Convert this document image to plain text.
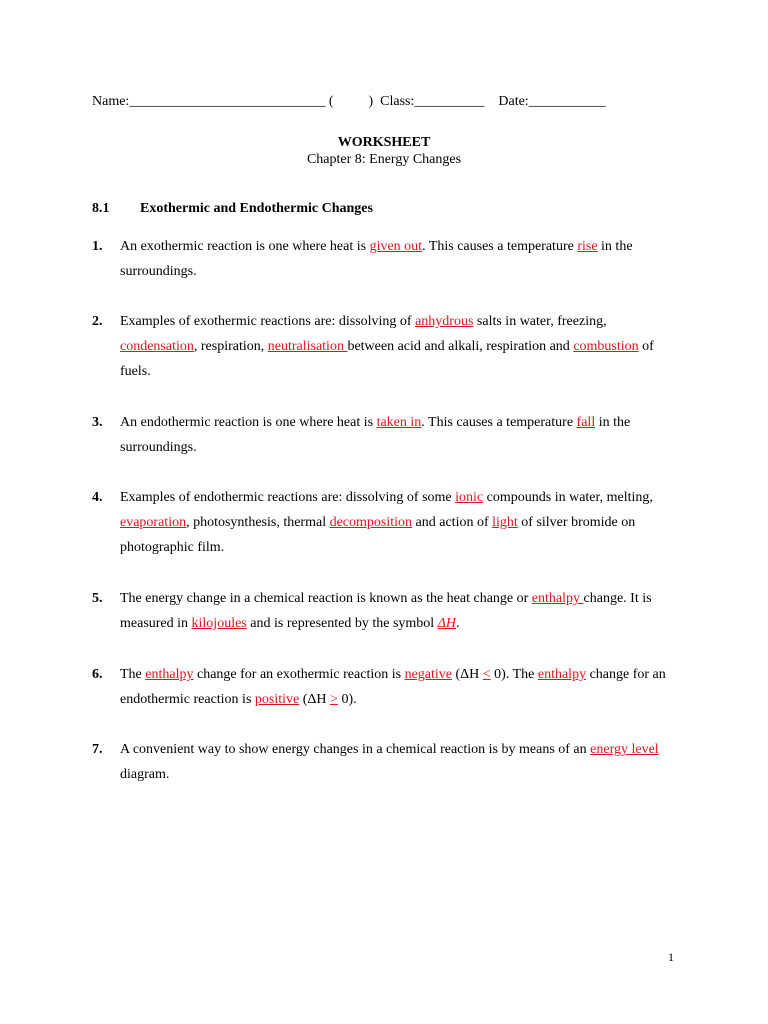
Name:____________________________ (          )  Class:__________    Date:___________
WORKSHEET
Chapter 8: Energy Changes
8.1 Exothermic and Endothermic Changes
1.	An exothermic reaction is one where heat is given out. This causes a temperature rise in the surroundings.
2.	Examples of exothermic reactions are: dissolving of anhydrous salts in water, freezing, condensation, respiration, neutralisation between acid and alkali, respiration and combustion of fuels.
3.	An endothermic reaction is one where heat is taken in. This causes a temperature fall in the surroundings.
4.	Examples of endothermic reactions are: dissolving of some ionic compounds in water, melting, evaporation, photosynthesis, thermal decomposition and action of light of silver bromide on photographic film.
5.	The energy change in a chemical reaction is known as the heat change or enthalpy change. It is measured in kilojoules and is represented by the symbol ΔH.
6.	The enthalpy change for an exothermic reaction is negative (ΔH < 0). The enthalpy change for an endothermic reaction is positive (ΔH > 0).
7.	A convenient way to show energy changes in a chemical reaction is by means of an energy level diagram.
1
